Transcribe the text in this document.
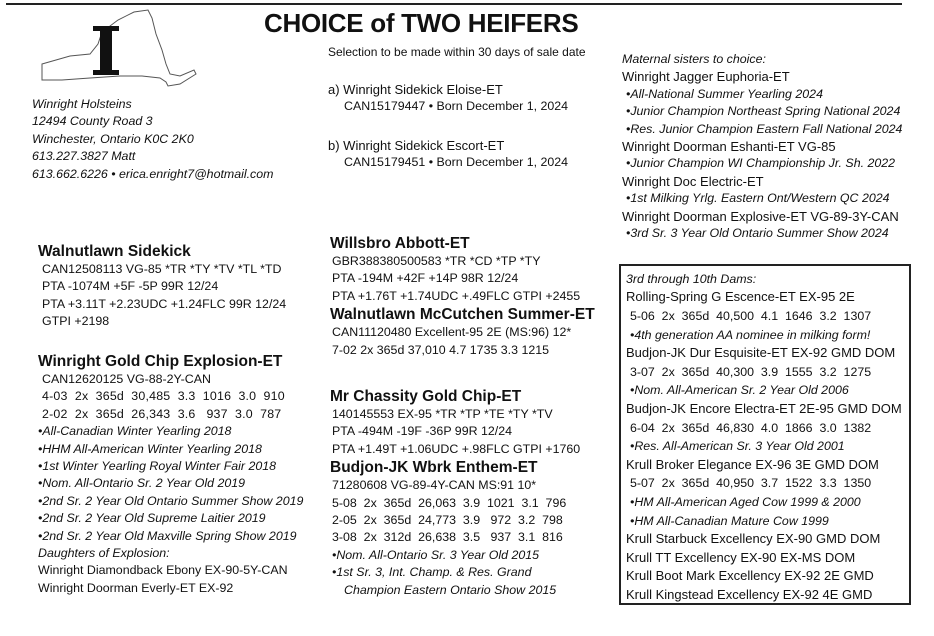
CHOICE of TWO HEIFERS
Selection to be made within 30 days of sale date
a) Winright Sidekick Eloise-ET
CAN15179447 • Born December 1, 2024
b) Winright Sidekick Escort-ET
CAN15179451 • Born December 1, 2024
Winright Holsteins
12494 County Road 3
Winchester, Ontario K0C 2K0
613.227.3827 Matt
613.662.6226 • erica.enright7@hotmail.com
Walnutlawn Sidekick
CAN12508113 VG-85 *TR *TY *TV *TL *TD
PTA -1074M +5F -5P 99R 12/24
PTA +3.11T +2.23UDC +1.24FLC 99R 12/24
GTPI +2198
Winright Gold Chip Explosion-ET
CAN12620125 VG-88-2Y-CAN
4-03  2x  365d  30,485  3.3  1016  3.0  910
2-02  2x  365d  26,343  3.6   937  3.0  787
•All-Canadian Winter Yearling 2018
•HHM All-American Winter Yearling 2018
•1st Winter Yearling Royal Winter Fair 2018
•Nom. All-Ontario Sr. 2 Year Old 2019
•2nd Sr. 2 Year Old Ontario Summer Show 2019
•2nd Sr. 2 Year Old Supreme Laitier 2019
•2nd Sr. 2 Year Old Maxville Spring Show 2019
Daughters of Explosion:
Winright Diamondback Ebony EX-90-5Y-CAN
Winright Doorman Everly-ET EX-92
Willsbro Abbott-ET
GBR388380500583 *TR *CD *TP *TY
PTA -194M +42F +14P 98R 12/24
PTA +1.76T +1.74UDC +.49FLC GTPI +2455
Walnutlawn McCutchen Summer-ET
CAN11120480 Excellent-95 2E (MS:96) 12*
7-02 2x 365d 37,010 4.7 1735 3.3 1215
Mr Chassity Gold Chip-ET
140145553 EX-95 *TR *TP *TE *TY *TV
PTA -494M -19F -36P 99R 12/24
PTA +1.49T +1.06UDC +.98FLC GTPI +1760
Budjon-JK Wbrk Enthem-ET
71280608 VG-89-4Y-CAN MS:91 10*
5-08  2x  365d  26,063  3.9  1021  3.1  796
2-05  2x  365d  24,773  3.9   972  3.2  798
3-08  2x  312d  26,638  3.5   937  3.1  816
•Nom. All-Ontario Sr. 3 Year Old 2015
•1st Sr. 3, Int. Champ. & Res. Grand
Champion Eastern Ontario Show 2015
Maternal sisters to choice:
Winright Jagger Euphoria-ET
•All-National Summer Yearling 2024
•Junior Champion Northeast Spring National 2024
•Res. Junior Champion Eastern Fall National 2024
Winright Doorman Eshanti-ET VG-85
•Junior Champion WI Championship Jr. Sh. 2022
Winright Doc Electric-ET
•1st Milking Yrlg. Eastern Ont/Western QC 2024
Winright Doorman Explosive-ET VG-89-3Y-CAN
•3rd Sr. 3 Year Old Ontario Summer Show 2024
3rd through 10th Dams:
Rolling-Spring G Escence-ET EX-95 2E
5-06  2x  365d  40,500  4.1  1646  3.2  1307
•4th generation AA nominee in milking form!
Budjon-JK Dur Esquisite-ET EX-92 GMD DOM
3-07  2x  365d  40,300  3.9  1555  3.2  1275
•Nom. All-American Sr. 2 Year Old 2006
Budjon-JK Encore Electra-ET 2E-95 GMD DOM
6-04  2x  365d  46,830  4.0  1866  3.0  1382
•Res. All-American Sr. 3 Year Old 2001
Krull Broker Elegance EX-96 3E GMD DOM
5-07  2x  365d  40,950  3.7  1522  3.3  1350
•HM All-American Aged Cow 1999 & 2000
•HM All-Canadian Mature Cow 1999
Krull Starbuck Excellency EX-90 GMD DOM
Krull TT Excellency EX-90 EX-MS DOM
Krull Boot Mark Excellency EX-92 2E GMD
Krull Kingstead Excellency EX-92 4E GMD
